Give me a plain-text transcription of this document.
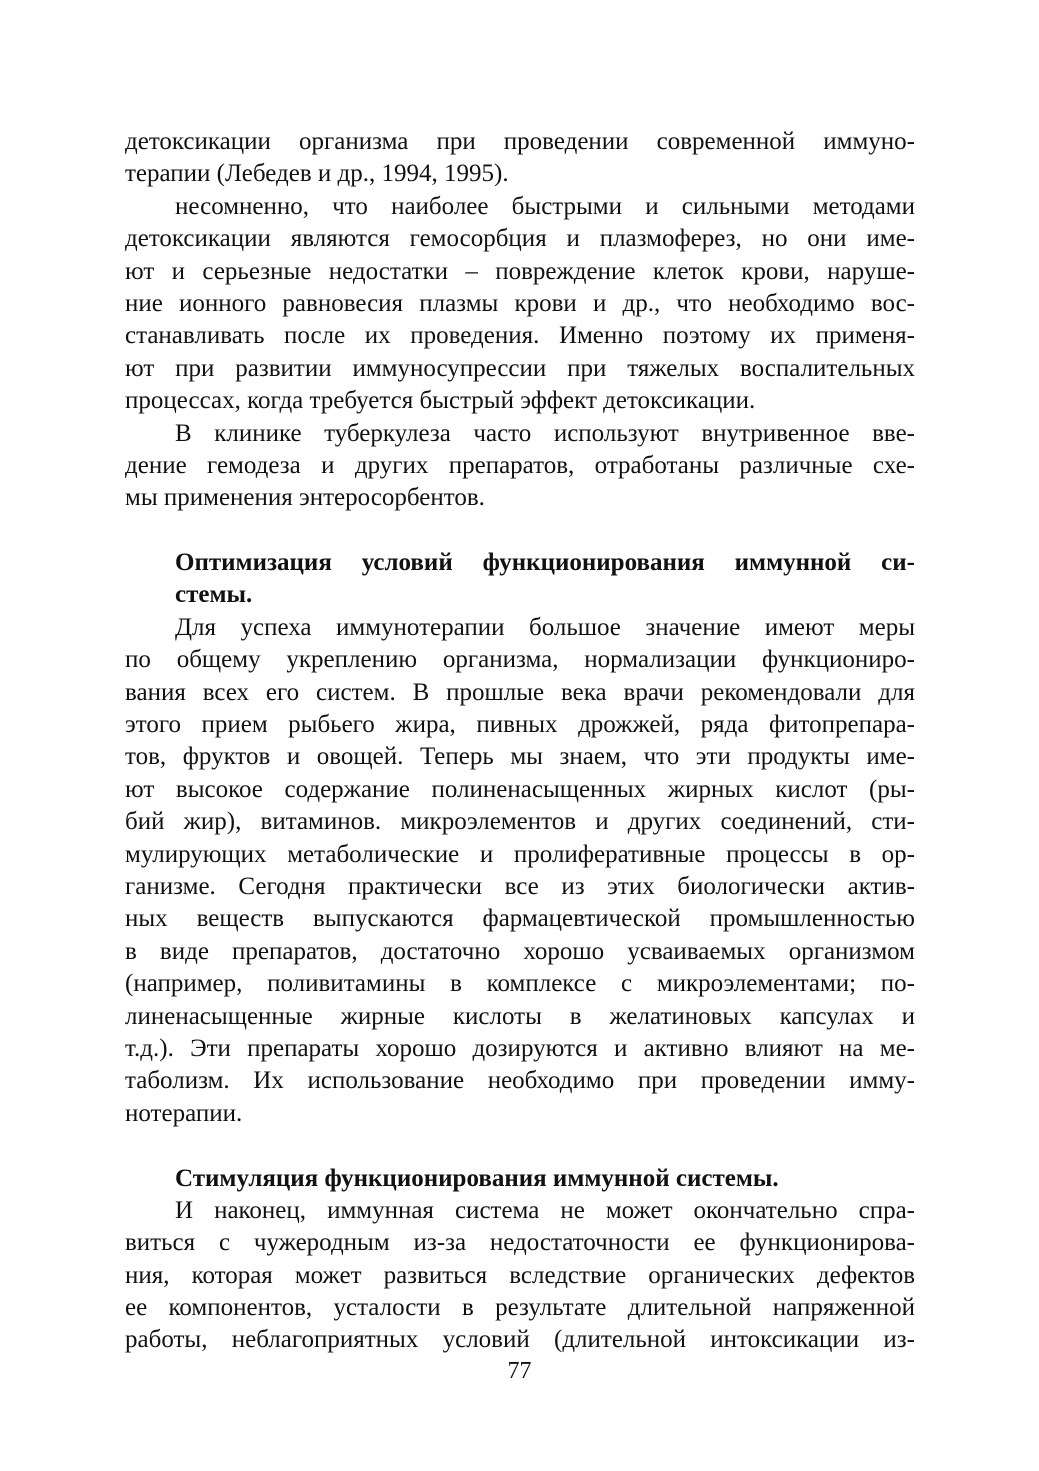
детоксикации организма при проведении современной иммуно-
терапии (Лебедев и др., 1994, 1995).
несомненно, что наиболее быстрыми и сильными методами
детоксикации являются гемосорбция и плазмоферез, но они име-
ют и серьезные недостатки – повреждение клеток крови, наруше-
ние ионного равновесия плазмы крови и др., что необходимо вос-
станавливать после их проведения. Именно поэтому их применя-
ют при развитии иммуносупрессии при тяжелых воспалительных
процессах, когда требуется быстрый эффект детоксикации.
В клинике туберкулеза часто используют внутривенное вве-
дение гемодеза и других препаратов, отработаны различные схе-
мы применения энтеросорбентов.
Оптимизация условий функционирования иммунной си-
стемы.
Для успеха иммунотерапии большое значение имеют меры
по общему укреплению организма, нормализации функциониро-
вания всех его систем. В прошлые века врачи рекомендовали для
этого прием рыбьего жира, пивных дрожжей, ряда фитопрепара-
тов, фруктов и овощей. Теперь мы знаем, что эти продукты име-
ют высокое содержание полиненасыщенных жирных кислот (ры-
бий жир), витаминов. микроэлементов и других соединений, сти-
мулирующих метаболические и пролиферативные процессы в ор-
ганизме. Сегодня практически все из этих биологически актив-
ных веществ выпускаются фармацевтической промышленностью
в виде препаратов, достаточно хорошо усваиваемых организмом
(например, поливитамины в комплексе с микроэлементами; по-
линенасыщенные жирные кислоты в желатиновых капсулах и
т.д.). Эти препараты хорошо дозируются и активно влияют на ме-
таболизм. Их использование необходимо при проведении имму-
нотерапии.
Стимуляция функционирования иммунной системы.
И наконец, иммунная система не может окончательно спра-
виться с чужеродным из-за недостаточности ее функционирова-
ния, которая может развиться вследствие органических дефектов
ее компонентов, усталости в результате длительной напряженной
работы, неблагоприятных условий (длительной интоксикации из-
77
